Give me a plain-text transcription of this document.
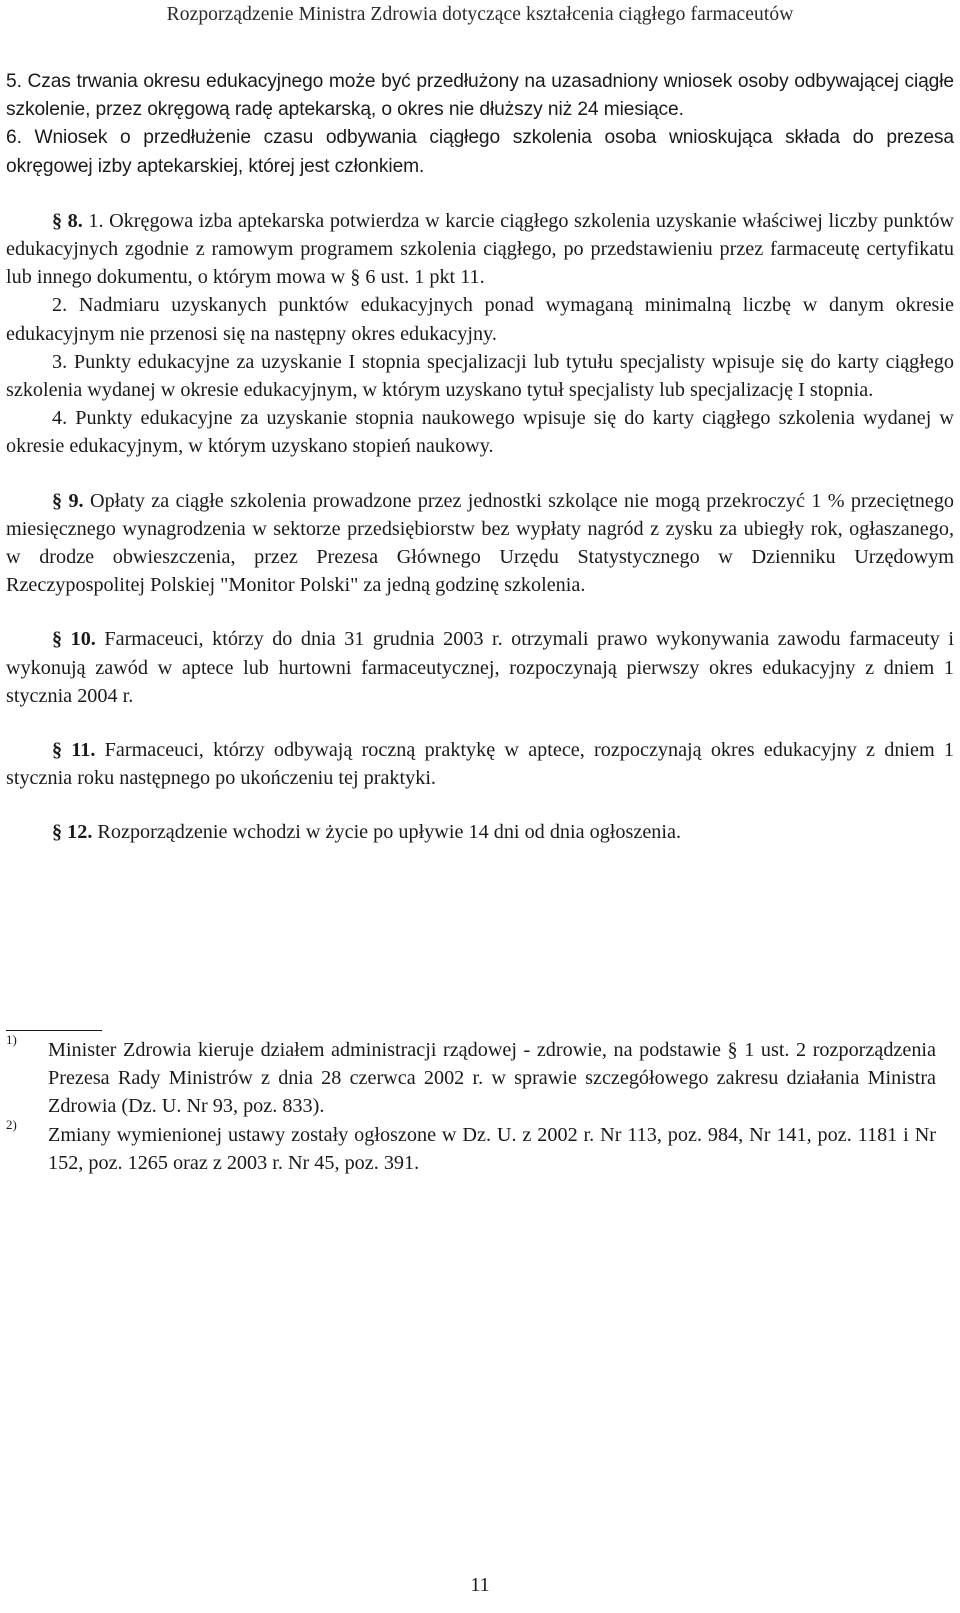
Rozporządzenie Ministra Zdrowia dotyczące kształcenia ciągłego farmaceutów

5. Czas trwania okresu edukacyjnego może być przedłużony na uzasadniony wniosek osoby odbywającej ciągłe szkolenie, przez okręgową radę aptekarską, o okres nie dłuższy niż 24 miesiące.

6. Wniosek o przedłużenie czasu odbywania ciągłego szkolenia osoba wnioskująca składa do prezesa okręgowej izby aptekarskiej, której jest członkiem.

§ 8. 1. Okręgowa izba aptekarska potwierdza w karcie ciągłego szkolenia uzyskanie właściwej liczby punktów edukacyjnych zgodnie z ramowym programem szkolenia ciągłego, po przedstawieniu przez farmaceutę certyfikatu lub innego dokumentu, o którym mowa w § 6 ust. 1 pkt 11.

2. Nadmiaru uzyskanych punktów edukacyjnych ponad wymaganą minimalną liczbę w danym okresie edukacyjnym nie przenosi się na następny okres edukacyjny.

3. Punkty edukacyjne za uzyskanie I stopnia specjalizacji lub tytułu specjalisty wpisuje się do karty ciągłego szkolenia wydanej w okresie edukacyjnym, w którym uzyskano tytuł specjalisty lub specjalizację I stopnia.

4. Punkty edukacyjne za uzyskanie stopnia naukowego wpisuje się do karty ciągłego szkolenia wydanej w okresie edukacyjnym, w którym uzyskano stopień naukowy.

§ 9. Opłaty za ciągłe szkolenia prowadzone przez jednostki szkolące nie mogą przekroczyć 1 % przeciętnego miesięcznego wynagrodzenia w sektorze przedsiębiorstw bez wypłaty nagród z zysku za ubiegły rok, ogłaszanego, w drodze obwieszczenia, przez Prezesa Głównego Urzędu Statystycznego w Dzienniku Urzędowym Rzeczypospolitej Polskiej "Monitor Polski" za jedną godzinę szkolenia.

§ 10. Farmaceuci, którzy do dnia 31 grudnia 2003 r. otrzymali prawo wykonywania zawodu farmaceuty i wykonują zawód w aptece lub hurtowni farmaceutycznej, rozpoczynają pierwszy okres edukacyjny z dniem 1 stycznia 2004 r.

§ 11. Farmaceuci, którzy odbywają roczną praktykę w aptece, rozpoczynają okres edukacyjny z dniem 1 stycznia roku następnego po ukończeniu tej praktyki.

§ 12. Rozporządzenie wchodzi w życie po upływie 14 dni od dnia ogłoszenia.

1) Minister Zdrowia kieruje działem administracji rządowej - zdrowie, na podstawie § 1 ust. 2 rozporządzenia Prezesa Rady Ministrów z dnia 28 czerwca 2002 r. w sprawie szczegółowego zakresu działania Ministra Zdrowia (Dz. U. Nr 93, poz. 833).

2) Zmiany wymienionej ustawy zostały ogłoszone w Dz. U. z 2002 r. Nr 113, poz. 984, Nr 141, poz. 1181 i Nr 152, poz. 1265 oraz z 2003 r. Nr 45, poz. 391.

11
